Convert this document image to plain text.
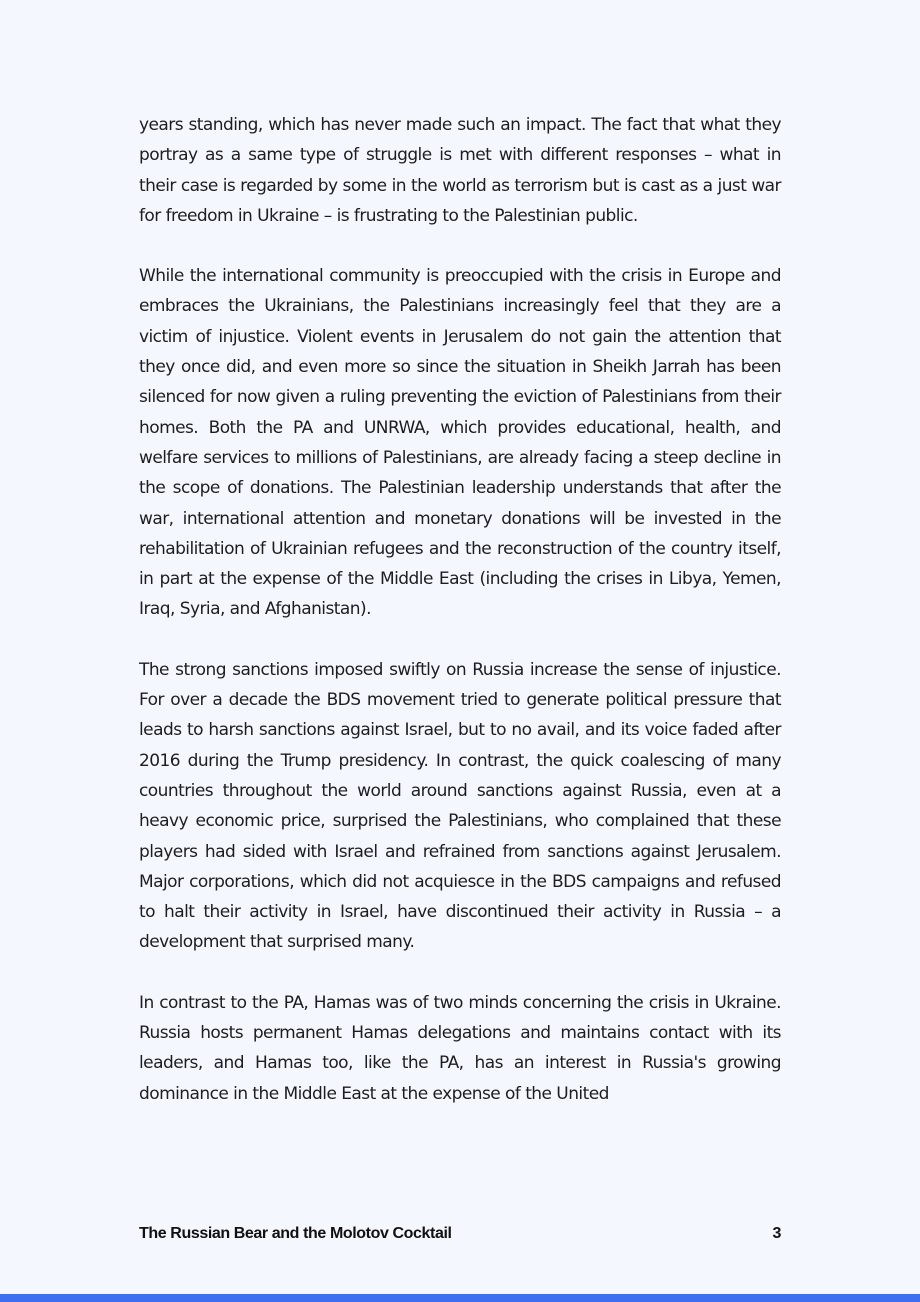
years standing, which has never made such an impact. The fact that what they portray as a same type of struggle is met with different responses – what in their case is regarded by some in the world as terrorism but is cast as a just war for freedom in Ukraine – is frustrating to the Palestinian public.

While the international community is preoccupied with the crisis in Europe and embraces the Ukrainians, the Palestinians increasingly feel that they are a victim of injustice. Violent events in Jerusalem do not gain the attention that they once did, and even more so since the situation in Sheikh Jarrah has been silenced for now given a ruling preventing the eviction of Palestinians from their homes. Both the PA and UNRWA, which provides educational, health, and welfare services to millions of Palestinians, are already facing a steep decline in the scope of donations. The Palestinian leadership understands that after the war, international attention and monetary donations will be invested in the rehabilitation of Ukrainian refugees and the reconstruction of the country itself, in part at the expense of the Middle East (including the crises in Libya, Yemen, Iraq, Syria, and Afghanistan).

The strong sanctions imposed swiftly on Russia increase the sense of injustice. For over a decade the BDS movement tried to generate political pressure that leads to harsh sanctions against Israel, but to no avail, and its voice faded after 2016 during the Trump presidency. In contrast, the quick coalescing of many countries throughout the world around sanctions against Russia, even at a heavy economic price, surprised the Palestinians, who complained that these players had sided with Israel and refrained from sanctions against Jerusalem. Major corporations, which did not acquiesce in the BDS campaigns and refused to halt their activity in Israel, have discontinued their activity in Russia – a development that surprised many.

In contrast to the PA, Hamas was of two minds concerning the crisis in Ukraine. Russia hosts permanent Hamas delegations and maintains contact with its leaders, and Hamas too, like the PA, has an interest in Russia's growing dominance in the Middle East at the expense of the United

The Russian Bear and the Molotov Cocktail	3
